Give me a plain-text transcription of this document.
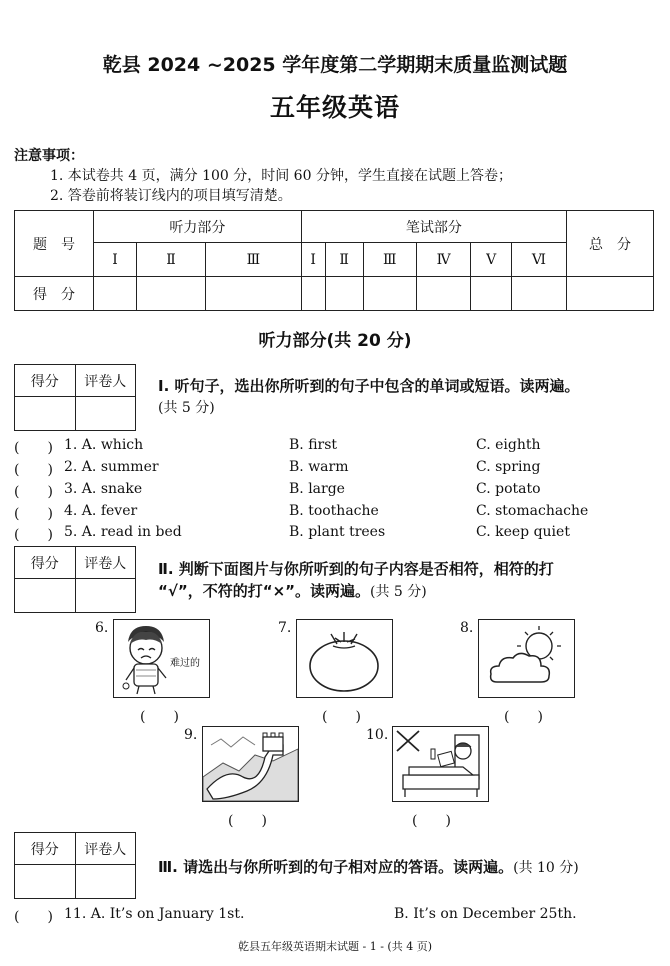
乾县 2024 ~2025 学年度第二学期期末质量监测试题
五年级英语
注意事项：
1. 本试卷共 4 页，满分 100 分，时间 60 分钟，学生直接在试题上答卷；
2. 答卷前将装订线内的项目填写清楚。
题　号	听力部分			笔试部分						总　分
	Ⅰ	Ⅱ	Ⅲ	Ⅰ	Ⅱ	Ⅲ	Ⅳ	Ⅴ	Ⅵ	
得　分										
听力部分(共 20 分)
得分	评卷人
	Ⅰ. 听句子，选出你所听到的句子中包含的单词或短语。读两遍。
(共 5 分)
(　　) 1. A. which	B. first	C. eighth
(　　) 2. A. summer	B. warm	C. spring
(　　) 3. A. snake	B. large	C. potato
(　　) 4. A. fever	B. toothache	C. stomachache
(　　) 5. A. read in bed	B. plant trees	C. keep quiet
得分	评卷人
	Ⅱ. 判断下面图片与你所听到的句子内容是否相符，相符的打
“√”，不符的打“×”。读两遍。(共 5 分)
6.
难过的
(　　)
7.
(　　)
8.
(　　)
9.
(　　)
10.
(　　)
得分	评卷人

Ⅲ. 请选出与你所听到的句子相对应的答语。读两遍。(共 10 分)
(　　) 11. A. It’s on January 1st.	B. It’s on December 25th.
乾县五年级英语期末试题 - 1 - (共 4 页)
